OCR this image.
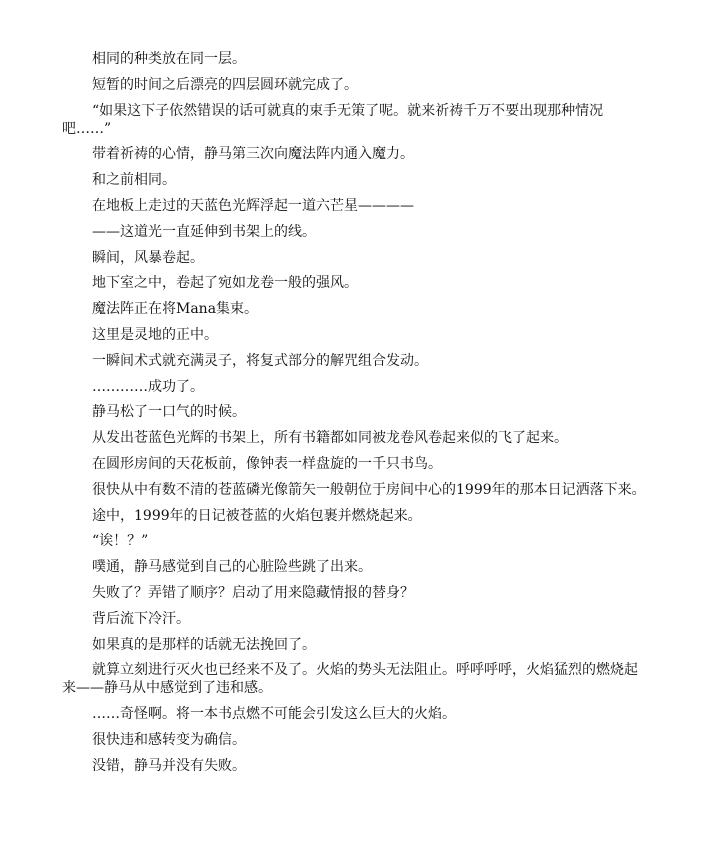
相同的种类放在同一层。

短暂的时间之后漂亮的四层圆环就完成了。

“如果这下子依然错误的话可就真的束手无策了呢。就来祈祷千万不要出现那种情况吧……”

带着祈祷的心情，静马第三次向魔法阵内通入魔力。

和之前相同。

在地板上走过的天蓝色光辉浮起一道六芒星————

——这道光一直延伸到书架上的线。

瞬间，风暴卷起。

地下室之中，卷起了宛如龙卷一般的强风。

魔法阵正在将Mana集束。

这里是灵地的正中。

一瞬间术式就充满灵子，将复式部分的解咒组合发动。

…………成功了。

静马松了一口气的时候。

从发出苍蓝色光辉的书架上，所有书籍都如同被龙卷风卷起来似的飞了起来。

在圆形房间的天花板前，像钟表一样盘旋的一千只书鸟。

很快从中有数不清的苍蓝磷光像箭矢一般朝位于房间中心的1999年的那本日记洒落下来。

途中，1999年的日记被苍蓝的火焰包裹并燃烧起来。

“诶！？”

噗通，静马感觉到自己的心脏险些跳了出来。

失败了？弄错了顺序？启动了用来隐藏情报的替身？

背后流下冷汗。

如果真的是那样的话就无法挽回了。

就算立刻进行灭火也已经来不及了。火焰的势头无法阻止。呼呼呼呼，火焰猛烈的燃烧起来——静马从中感觉到了违和感。

……奇怪啊。将一本书点燃不可能会引发这么巨大的火焰。

很快违和感转变为确信。

没错，静马并没有失败。
